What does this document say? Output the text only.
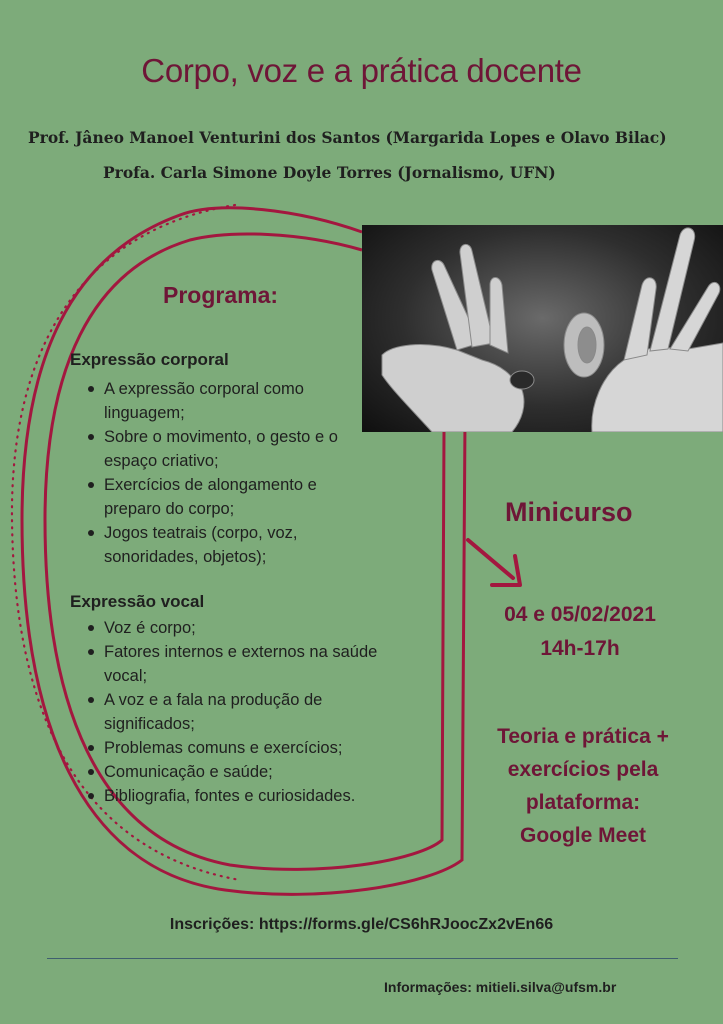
Corpo, voz e a prática docente
Prof. Jâneo Manoel Venturini dos Santos (Margarida Lopes e Olavo Bilac)
Profa. Carla Simone Doyle Torres (Jornalismo, UFN)
Programa:
Expressão corporal
A expressão corporal como linguagem;
Sobre o movimento, o gesto e o espaço criativo;
Exercícios de alongamento e preparo do corpo;
Jogos teatrais (corpo, voz, sonoridades, objetos);
Expressão vocal
Voz é corpo;
Fatores internos e externos na saúde vocal;
A voz e a fala na produção de significados;
Problemas comuns e exercícios;
Comunicação e saúde;
Bibliografia, fontes e curiosidades.
Minicurso
04 e 05/02/2021
14h-17h
Teoria e prática +
exercícios pela
plataforma:
Google Meet
Inscrições: https://forms.gle/CS6hRJoocZx2vEn66
Informações: mitieli.silva@ufsm.br
